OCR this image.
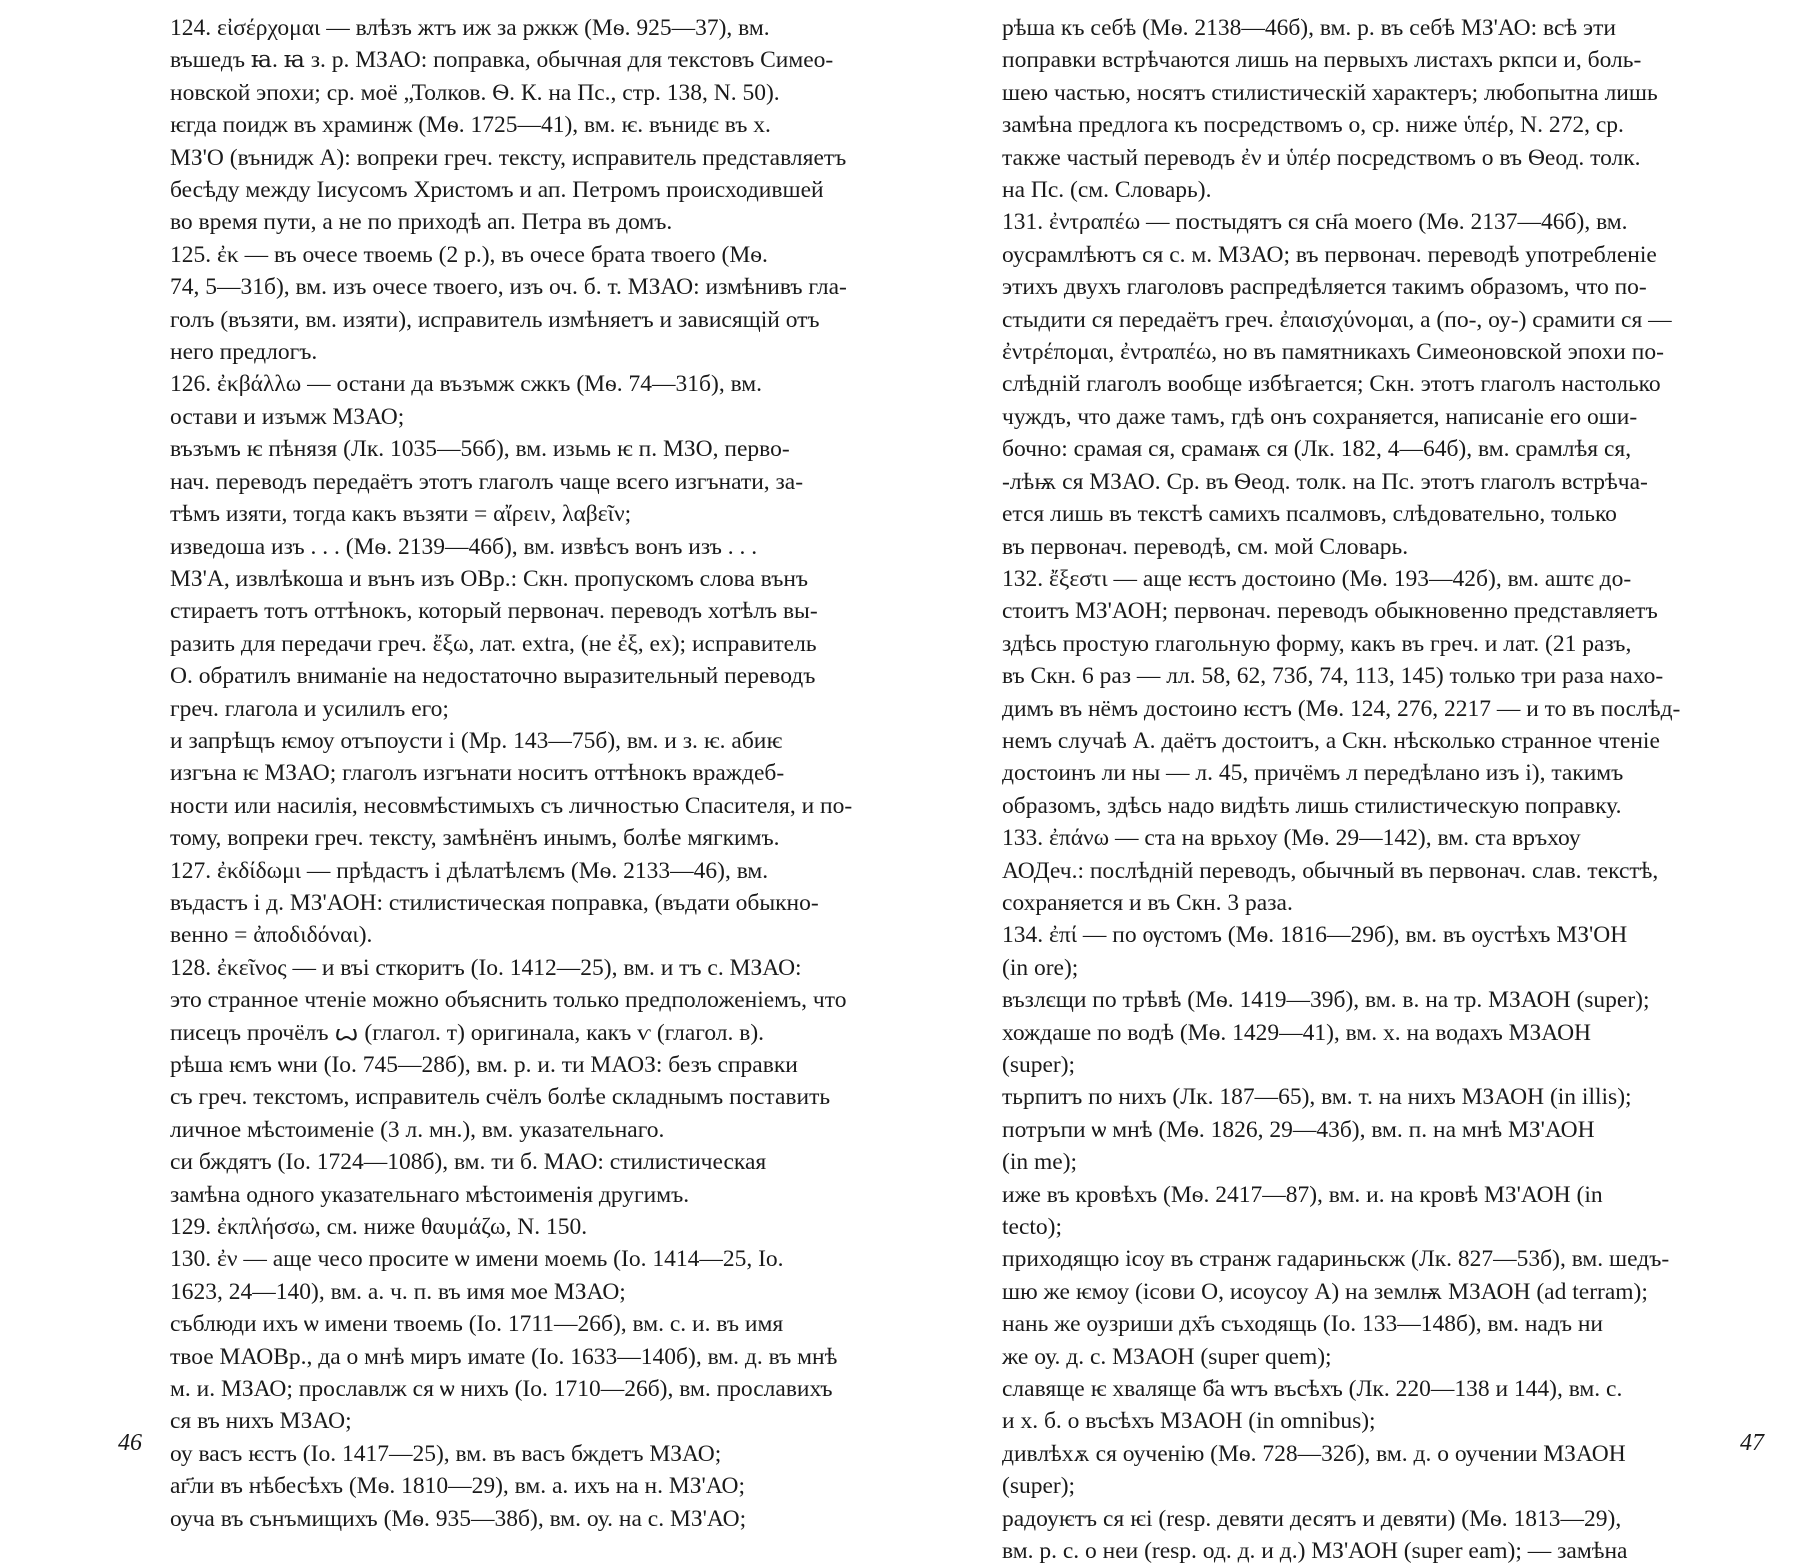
124. εἰσέρχομαι — влѣзъ жтъ иж за ржкж (Мѳ. 925—37), вм.
въшедъ ꙗ. ꙗ з. р. МЗАО: поправка, обычная для текстовъ Симео-
новской эпохи; ср. моё „Толков. Ѳ. К. на Пс., стр. 138, N. 50).

ѥгда поидж въ храминж (Мѳ. 1725—41), вм. ѥ. вънидє въ х.
МЗ'О (вънидж А): вопреки греч. тексту, исправитель представляетъ
бесѣду между Іисусомъ Христомъ и ап. Петромъ происходившей
во время пути, а не по приходѣ ап. Петра въ домъ.

125. ἐκ — въ очесе твоемь (2 р.), въ очесе брата твоего (Мѳ.
74, 5—31б), вм. изъ очесе твоего, изъ оч. б. т. МЗАО: измѣнивъ гла-
голъ (възяти, вм. изяти), исправитель измѣняетъ и зависящій отъ
него предлогъ.

126. ἐκβάλλω — остани да възъмж сжкъ (Мѳ. 74—31б), вм.
остави и изъмж МЗАО;

възъмъ ѥ пѣнязя (Лк. 1035—56б), вм. изьмь ѥ п. МЗО, перво-
нач. переводъ передаётъ этотъ глаголъ чаще всего изгънати, за-
тѣмъ изяти, тогда какъ възяти = αἴρειν, λαβεῖν;

изведоша изъ . . . (Мѳ. 2139—46б), вм. извѣсъ вонъ изъ . . .
МЗ'А, извлѣкоша и вънъ изъ ОВр.: Скн. пропускомъ слова вънъ
стираетъ тотъ оттѣнокъ, который первонач. переводъ хотѣлъ вы-
разить для передачи греч. ἔξω, лат. extra, (не ἐξ, ex); исправитель
О. обратилъ вниманіе на недостаточно выразительный переводъ
греч. глагола и усилилъ его;

и запрѣщъ ѥмоу отъпоусти і (Мр. 143—75б), вм. и з. ѥ. абиѥ
изгъна ѥ МЗАО; глаголъ изгънати носитъ оттѣнокъ враждеб-
ности или насилія, несовмѣстимыхъ съ личностью Спасителя, и по-
тому, вопреки греч. тексту, замѣнёнъ инымъ, болѣе мягкимъ.

127. ἐκδίδωμι — прѣдастъ і дѣлатѣлємъ (Мѳ. 2133—46), вм.
въдастъ і д. МЗ'АОН: стилистическая поправка, (въдати обыкно-
венно = ἀποδιδόναι).

128. ἐκεῖνος — и въі сткоритъ (Іо. 1412—25), вм. и тъ с. МЗАО:
это странное чтеніе можно объяснить только предположеніемъ, что
писецъ прочёлъ ꙍ (глагол. т) оригинала, какъ ѵ (глагол. в).

рѣша ѥмъ ѡни (Іо. 745—28б), вм. р. и. ти МАОЗ: безъ справки
съ греч. текстомъ, исправитель счёлъ болѣе складнымъ поставить
личное мѣстоименіе (3 л. мн.), вм. указательнаго.

си бждятъ (Іо. 1724—108б), вм. ти б. МАО: стилистическая
замѣна одного указательнаго мѣстоименія другимъ.

129. ἐκπλήσσω, см. ниже θαυμάζω, N. 150.

130. ἐν — аще чесо просите ѡ имени моемь (Іо. 1414—25, Іо.
1623, 24—140), вм. а. ч. п. въ имя мое МЗАО;

съблюди ихъ ѡ имени твоемь (Іо. 1711—26б), вм. с. и. въ имя
твое МАОВр., да о мнѣ миръ имате (Іо. 1633—140б), вм. д. въ мнѣ
м. и. МЗАО; прославлж ся ѡ нихъ (Іо. 1710—26б), вм. прославихъ
ся въ нихъ МЗАО;

оу васъ ѥстъ (Іо. 1417—25), вм. въ васъ бждетъ МЗАО;
аг҃ли въ нѣбесѣхъ (Мѳ. 1810—29), вм. а. ихъ на н. МЗ'АО;
оуча въ сънъмищихъ (Мѳ. 935—38б), вм. оу. на с. МЗ'АО;

рѣша къ себѣ (Мѳ. 2138—46б), вм. р. въ себѣ МЗ'АО: всѣ эти
поправки встрѣчаются лишь на первыхъ листахъ ркпси и, боль-
шею частью, носятъ стилистическій характеръ; любопытна лишь
замѣна предлога къ посредствомъ о, ср. ниже ὑπέρ, N. 272, ср.
также частый переводъ ἐν и ὑπέρ посредствомъ о въ Ѳеод. толк.
на Пс. (см. Словарь).

131. ἐντραπέω — постыдятъ ся сн҃а моего (Мѳ. 2137—46б), вм.
оусрамлѣютъ ся с. м. МЗАО; въ первонач. переводѣ употребленіе
этихъ двухъ глаголовъ распредѣляется такимъ образомъ, что по-
стыдити ся передаётъ греч. ἐπαισχύνομαι, а (по-, оу-) срамити ся —
ἐντρέπομαι, ἐντραπέω, но въ памятникахъ Симеоновской эпохи по-
слѣдній глаголъ вообще избѣгается; Скн. этотъ глаголъ настолько
чуждъ, что даже тамъ, гдѣ онъ сохраняется, написаніе его оши-
бочно: срамая ся, срамаѭ ся (Лк. 182, 4—64б), вм. срамлѣя ся,
-лѣѭ ся МЗАО. Ср. въ Ѳеод. толк. на Пс. этотъ глаголъ встрѣча-
ется лишь въ текстѣ самихъ псалмовъ, слѣдовательно, только
въ первонач. переводѣ, см. мой Словарь.

132. ἔξεστι — аще ѥстъ достоино (Мѳ. 193—42б), вм. аштє до-
стоитъ МЗ'АОН; первонач. переводъ обыкновенно представляетъ
здѣсь простую глагольную форму, какъ въ греч. и лат. (21 разъ,
въ Скн. 6 раз — лл. 58, 62, 73б, 74, 113, 145) только три раза нахо-
димъ въ нёмъ достоино ѥстъ (Мѳ. 124, 276, 2217 — и то въ послѣд-
немъ случаѣ А. даётъ достоитъ, а Скн. нѣсколько странное чтеніе
достоинъ ли ны — л. 45, причёмъ л передѣлано изъ і), такимъ
образомъ, здѣсь надо видѣть лишь стилистическую поправку.

133. ἐπάνω — ста на врьхоу (Мѳ. 29—142), вм. ста връхоу
АОДеч.: послѣдній переводъ, обычный въ первонач. слав. текстѣ,
сохраняется и въ Скн. 3 раза.

134. ἐπί — по ѹстомъ (Мѳ. 1816—29б), вм. въ оустѣхъ МЗ'ОН
(in ore);

възлєщи по трѣвѣ (Мѳ. 1419—39б), вм. в. на тр. МЗАОН (super);
хождаше по водѣ (Мѳ. 1429—41), вм. х. на водахъ МЗАОН
(super);

тьрпитъ по нихъ (Лк. 187—65), вм. т. на нихъ МЗАОН (in illis);
потръпи ѡ мнѣ (Мѳ. 1826, 29—43б), вм. п. на мнѣ МЗ'АОН
(in me);

иже въ кровѣхъ (Мѳ. 2417—87), вм. и. на кровѣ МЗ'АОН (in
tecto);

приходящю ісоу въ странж гадариньскж (Лк. 827—53б), вм. шедъ-
шю же ѥмоу (ісови О, исоусоу А) на землѭ МЗАОН (ad terram);

нань же оузриши дх҃ъ съходящь (Іо. 133—148б), вм. надъ ни
же оу. д. с. МЗАОН (super quem);

славяще ѥ хваляще б҃а ѡтъ въсѣхъ (Лк. 220—138 и 144), вм. с.
и х. б. о въсѣхъ МЗАОН (in omnibus);

дивлѣхѫ ся оученію (Мѳ. 728—32б), вм. д. о оучении МЗАОН
(super);

радоуѥтъ ся ѥі (resp. девяти десятъ и девяти) (Мѳ. 1813—29),
вм. р. с. о неи (resp. од. д. и д.) МЗ'АОН (super eam); — замѣна

46	47
